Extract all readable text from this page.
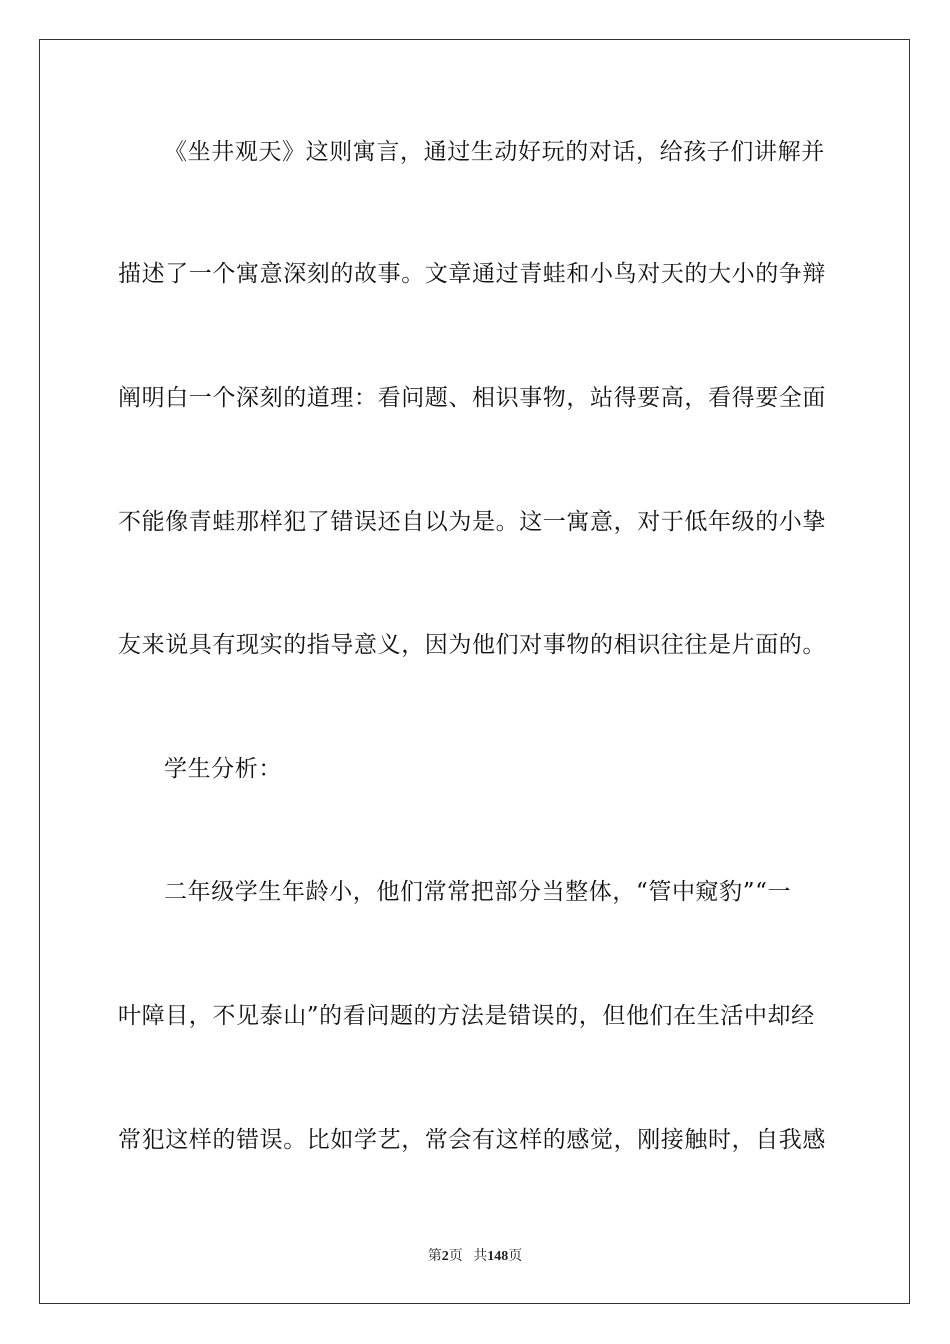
《坐井观天》这则寓言，通过生动好玩的对话，给孩子们讲解并
描述了一个寓意深刻的故事。文章通过青蛙和小鸟对天的大小的争辩
阐明白一个深刻的道理：看问题、相识事物，站得要高，看得要全面
不能像青蛙那样犯了错误还自以为是。这一寓意，对于低年级的小挚
友来说具有现实的指导意义，因为他们对事物的相识往往是片面的。
学生分析：
二年级学生年龄小，他们常常把部分当整体，“管中窥豹”“一
叶障目，不见泰山”的看问题的方法是错误的，但他们在生活中却经
常犯这样的错误。比如学艺，常会有这样的感觉，刚接触时，自我感
第2页 共148页
